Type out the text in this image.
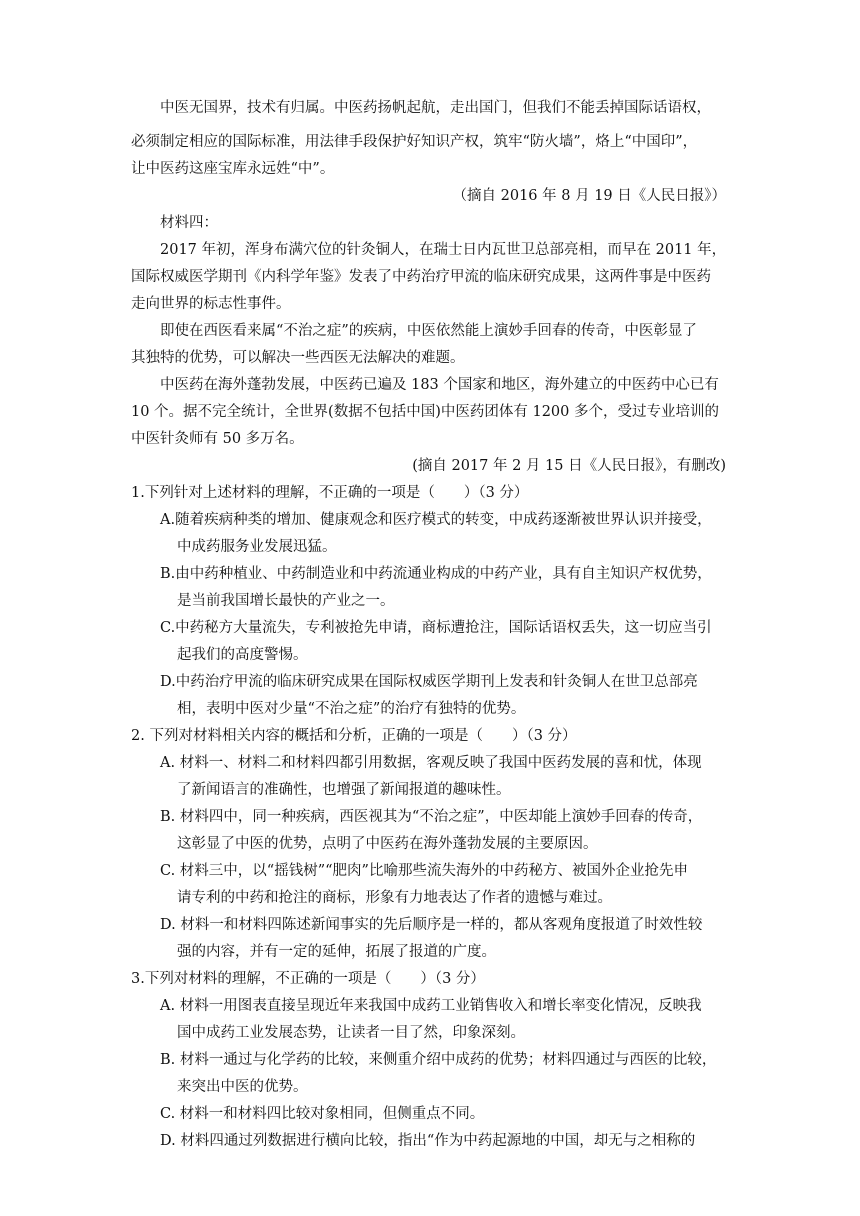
中医无国界，技术有归属。中医药扬帆起航，走出国门，但我们不能丢掉国际话语权，
必须制定相应的国际标准，用法律手段保护好知识产权，筑牢“防火墙”，烙上“中国印”，
让中医药这座宝库永远姓“中”。
（摘自 2016 年 8 月 19 日《人民日报》）
材料四：
2017 年初，浑身布满穴位的针灸铜人，在瑞士日内瓦世卫总部亮相，而早在 2011 年，
国际权威医学期刊《内科学年鉴》发表了中药治疗甲流的临床研究成果，这两件事是中医药
走向世界的标志性事件。
即使在西医看来属“不治之症”的疾病，中医依然能上演妙手回春的传奇，中医彰显了
其独特的优势，可以解决一些西医无法解决的难题。
中医药在海外蓬勃发展，中医药已遍及 183 个国家和地区，海外建立的中医药中心已有
10 个。据不完全统计，全世界(数据不包括中国)中医药团体有 1200 多个，受过专业培训的
中医针灸师有 50 多万名。
(摘自 2017 年 2 月 15 日《人民日报》，有删改)
1.下列针对上述材料的理解，不正确的一项是（　　）（3 分）
A.随着疾病种类的增加、健康观念和医疗模式的转变，中成药逐渐被世界认识并接受，
中成药服务业发展迅猛。
B.由中药种植业、中药制造业和中药流通业构成的中药产业，具有自主知识产权优势，
是当前我国增长最快的产业之一。
C.中药秘方大量流失，专利被抢先申请，商标遭抢注，国际话语权丢失，这一切应当引
起我们的高度警惕。
D.中药治疗甲流的临床研究成果在国际权威医学期刊上发表和针灸铜人在世卫总部亮
相，表明中医对少量“不治之症”的治疗有独特的优势。
2. 下列对材料相关内容的概括和分析，正确的一项是（　　）（3 分）
A. 材料一、材料二和材料四都引用数据，客观反映了我国中医药发展的喜和忧，体现
了新闻语言的准确性，也增强了新闻报道的趣味性。
B. 材料四中，同一种疾病，西医视其为“不治之症”，中医却能上演妙手回春的传奇，
这彰显了中医的优势，点明了中医药在海外蓬勃发展的主要原因。
C. 材料三中，以“摇钱树”“肥肉”比喻那些流失海外的中药秘方、被国外企业抢先申
请专利的中药和抢注的商标，形象有力地表达了作者的遗憾与难过。
D. 材料一和材料四陈述新闻事实的先后顺序是一样的，都从客观角度报道了时效性较
强的内容，并有一定的延伸，拓展了报道的广度。
3.下列对材料的理解，不正确的一项是（　　）（3 分）
A. 材料一用图表直接呈现近年来我国中成药工业销售收入和增长率变化情况，反映我
国中成药工业发展态势，让读者一目了然，印象深刻。
B. 材料一通过与化学药的比较，来侧重介绍中成药的优势；材料四通过与西医的比较，
来突出中医的优势。
C. 材料一和材料四比较对象相同，但侧重点不同。
D. 材料四通过列数据进行横向比较，指出“作为中药起源地的中国，却无与之相称的
